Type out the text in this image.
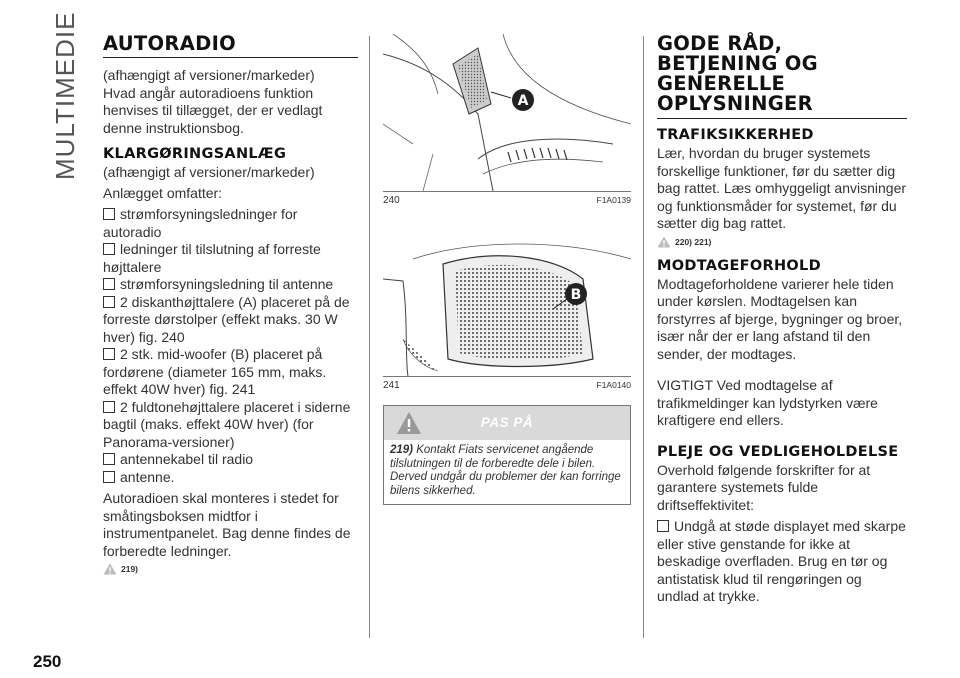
MULTIMEDIE
250
AUTORADIO

(afhængigt af versioner/markeder)

Hvad angår autoradioens funktion henvises til tillægget, der er vedlagt denne instruktionsbog.

KLARGØRINGSANLÆG

(afhængigt af versioner/markeder)

Anlægget omfatter:

strømforsyningsledninger for autoradio
ledninger til tilslutning af forreste højttalere
strømforsyningsledning til antenne
2 diskanthøjttalere (A) placeret på de forreste dørstolper (effekt maks. 30 W hver) fig. 240
2 stk. mid-woofer (B) placeret på fordørene (diameter 165 mm, maks. effekt 40W hver) fig. 241
2 fuldtonehøjttalere placeret i siderne bagtil (maks. effekt 40W hver) (for Panorama-versioner)
antennekabel til radio
antenne.

Autoradioen skal monteres i stedet for småtingsboksen midtfor i instrumentpanelet. Bag denne findes de forberedte ledninger.

219)
A
240	F1A0139
B
241	F1A0140
PAS PÅ
219) Kontakt Fiats servicenet angående tilslutningen til de forberedte dele i bilen. Derved undgår du problemer der kan forringe bilens sikkerhed.
GODE RÅD, BETJENING OG GENERELLE OPLYSNINGER
TRAFIKSIKKERHED

Lær, hvordan du bruger systemets forskellige funktioner, før du sætter dig bag rattet. Læs omhyggeligt anvisninger og funktionsmåder for systemet, før du sætter dig bag rattet.

220) 221)
MODTAGEFORHOLD

Modtageforholdene varierer hele tiden under kørslen. Modtagelsen kan forstyrres af bjerge, bygninger og broer, især når der er lang afstand til den sender, der modtages.

VIGTIGT Ved modtagelse af trafikmeldinger kan lydstyrken være kraftigere end ellers.

PLEJE OG VEDLIGEHOLDELSE

Overhold følgende forskrifter for at garantere systemets fulde driftseffektivitet:

Undgå at støde displayet med skarpe eller stive genstande for ikke at beskadige overfladen. Brug en tør og antistatisk klud til rengøringen og undlad at trykke.
